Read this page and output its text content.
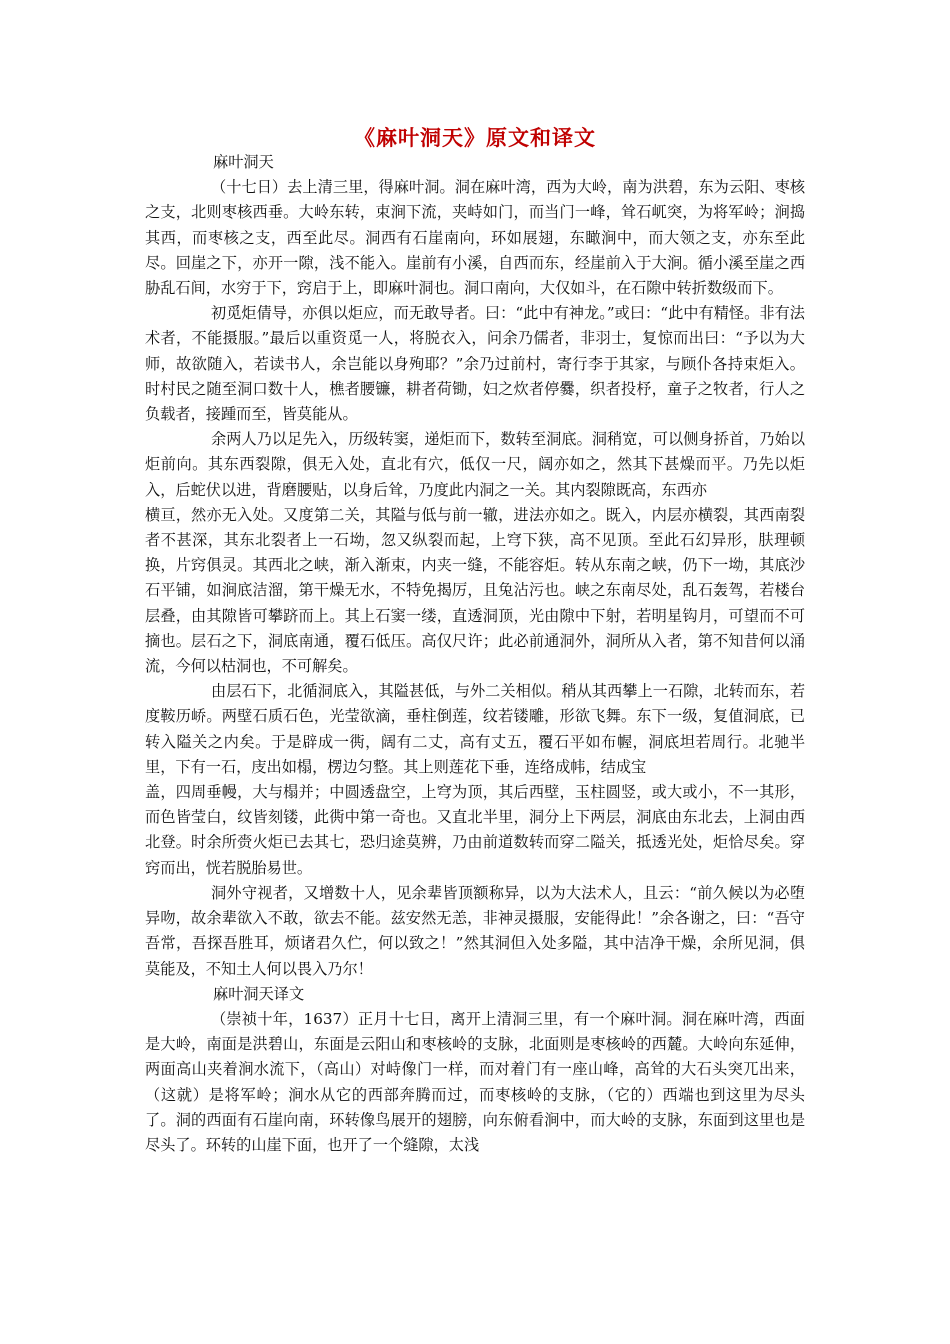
《麻叶洞天》原文和译文

麻叶洞天

（十七日）去上清三里，得麻叶洞。洞在麻叶湾，西为大岭，南为洪碧，东为云阳、枣核之支，北则枣核西垂。大岭东转，束涧下流，夹峙如门，而当门一峰，耸石屼突，为将军岭；涧捣其西，而枣核之支，西至此尽。洞西有石崖南向，环如展翅，东瞰涧中，而大领之支，亦东至此尽。回崖之下，亦开一隙，浅不能入。崖前有小溪，自西而东，经崖前入于大涧。循小溪至崖之西胁乱石间，水穷于下，窍启于上，即麻叶洞也。洞口南向，大仅如斗，在石隙中转折数级而下。

初觅炬倩导，亦俱以炬应，而无敢导者。曰：“此中有神龙。”或曰：“此中有精怪。非有法术者，不能摄服。”最后以重资觅一人，将脱衣入，问余乃儒者，非羽士，复惊而出曰：“予以为大师，故欲随入，若读书人，余岂能以身殉耶？”余乃过前村，寄行李于其家，与顾仆各持束炬入。时村民之随至洞口数十人，樵者腰镰，耕者荷锄，妇之炊者停爨，织者投杼，童子之牧者，行人之负载者，接踵而至，皆莫能从。

余两人乃以足先入，历级转窦，递炬而下，数转至洞底。洞稍宽，可以侧身挢首，乃始以炬前向。其东西裂隙，俱无入处，直北有穴，低仅一尺，阔亦如之，然其下甚燥而平。乃先以炬入，后蛇伏以进，背磨腰贴，以身后耸，乃度此内洞之一关。其内裂隙既高，东西亦

横亘，然亦无入处。又度第二关，其隘与低与前一辙，进法亦如之。既入，内层亦横裂，其西南裂者不甚深，其东北裂者上一石坳，忽又纵裂而起，上穹下狭，高不见顶。至此石幻异形，肤理顿换，片窍俱灵。其西北之峡，渐入渐束，内夹一缝，不能容炬。转从东南之峡，仍下一坳，其底沙石平铺，如涧底洁溜，第干燥无水，不特免揭厉，且兔沾污也。峡之东南尽处，乱石轰驾，若楼台层叠，由其隙皆可攀跻而上。其上石窦一缕，直透洞顶，光由隙中下射，若明星钩月，可望而不可摘也。层石之下，洞底南通，覆石低压。高仅尺许；此必前通洞外，洞所从入者，第不知昔何以涌流，今何以枯洞也，不可解矣。

由层石下，北循洞底入，其隘甚低，与外二关相似。稍从其西攀上一石隙，北转而东，若度鞍历峤。两壁石质石色，光莹欲滴，垂柱倒莲，纹若镂雕，形欲飞舞。东下一级，复值洞底，已转入隘关之内矣。于是辟成一衖，阔有二丈，高有丈五，覆石平如布幄，洞底坦若周行。北驰半里，下有一石，庋出如榻，楞边匀整。其上则莲花下垂，连络成帏，结成宝

盖，四周垂幔，大与榻并；中圆透盘空，上穹为顶，其后西壁，玉柱圆竖，或大或小，不一其形，而色皆莹白，纹皆刻镂，此衖中第一奇也。又直北半里，洞分上下两层，洞底由东北去，上洞由西北登。时余所赍火炬已去其七，恐归途莫辨，乃由前道数转而穿二隘关，抵透光处，炬恰尽矣。穿窍而出，恍若脱胎易世。

洞外守视者，又增数十人，见余辈皆顶额称异，以为大法术人，且云：“前久候以为必堕异吻，故余辈欲入不敢，欲去不能。兹安然无恙，非神灵摄服，安能得此！”余各谢之，曰：“吾守吾常，吾探吾胜耳，烦诸君久伫，何以致之！”然其洞但入处多隘，其中洁净干燥，余所见洞，俱莫能及，不知土人何以畏入乃尔！

麻叶洞天译文

（崇祯十年，1637）正月十七日，离开上清洞三里，有一个麻叶洞。洞在麻叶湾，西面是大岭，南面是洪碧山，东面是云阳山和枣核岭的支脉，北面则是枣核岭的西麓。大岭向东延伸，两面高山夹着涧水流下，（高山）对峙像门一样，而对着门有一座山峰，高耸的大石头突兀出来，（这就）是将军岭；涧水从它的西部奔腾而过，而枣核岭的支脉，（它的）西端也到这里为尽头了。洞的西面有石崖向南，环转像鸟展开的翅膀，向东俯看涧中，而大岭的支脉，东面到这里也是尽头了。环转的山崖下面，也开了一个缝隙，太浅
